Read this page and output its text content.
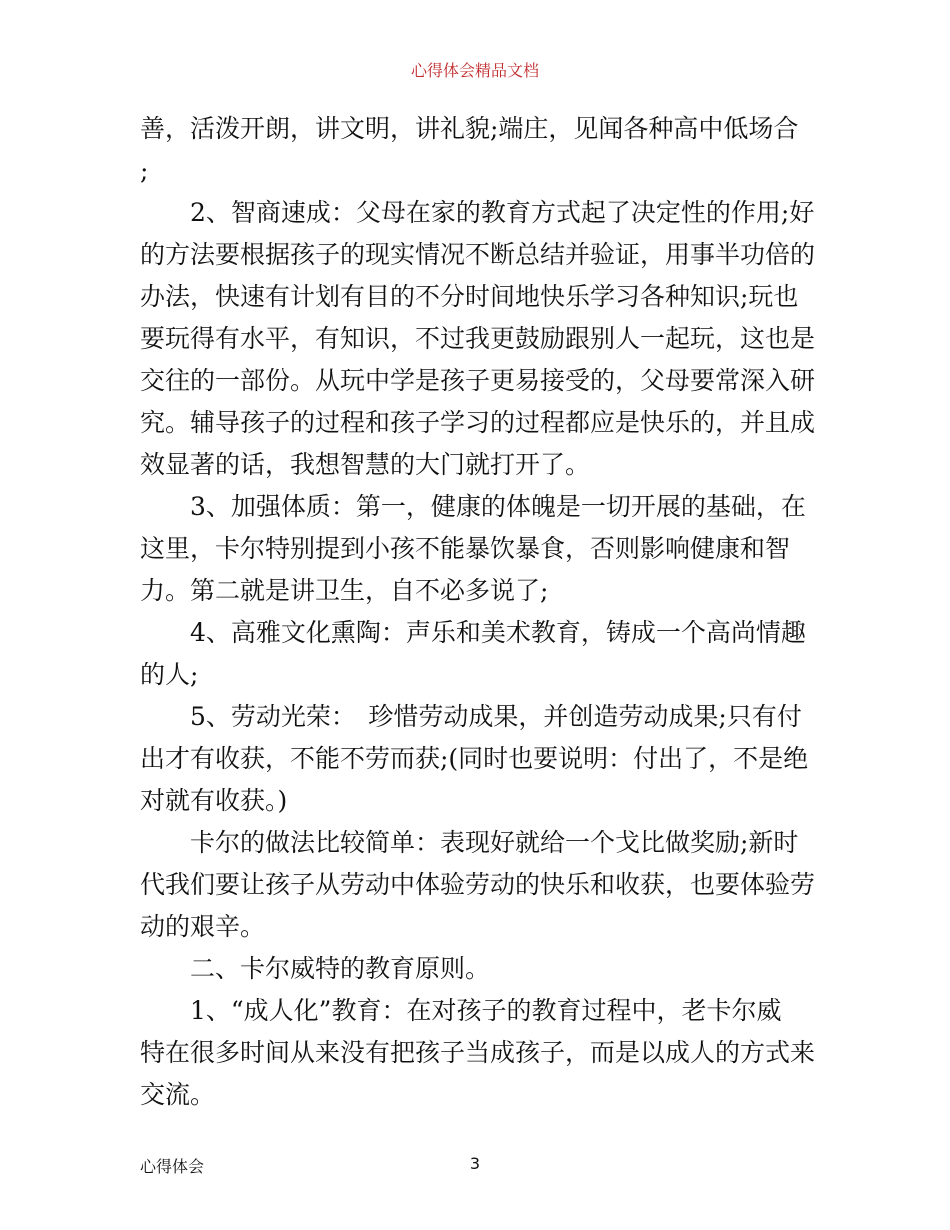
心得体会精品文档

善，活泼开朗，讲文明，讲礼貌;端庄，见闻各种高中低场合

;

　　2、智商速成：父母在家的教育方式起了决定性的作用;好

的方法要根据孩子的现实情况不断总结并验证，用事半功倍的

办法，快速有计划有目的不分时间地快乐学习各种知识;玩也

要玩得有水平，有知识，不过我更鼓励跟别人一起玩，这也是

交往的一部份。从玩中学是孩子更易接受的，父母要常深入研

究。辅导孩子的过程和孩子学习的过程都应是快乐的，并且成

效显著的话，我想智慧的大门就打开了。

　　3、加强体质：第一，健康的体魄是一切开展的基础，在

这里，卡尔特别提到小孩不能暴饮暴食，否则影响健康和智

力。第二就是讲卫生，自不必多说了;

　　4、高雅文化熏陶：声乐和美术教育，铸成一个高尚情趣

的人;

　　5、劳动光荣：　珍惜劳动成果，并创造劳动成果;只有付

出才有收获，不能不劳而获;(同时也要说明：付出了，不是绝

对就有收获。)

　　卡尔的做法比较简单：表现好就给一个戈比做奖励;新时

代我们要让孩子从劳动中体验劳动的快乐和收获，也要体验劳

动的艰辛。

　　二、卡尔威特的教育原则。

　　1、“成人化”教育：在对孩子的教育过程中，老卡尔威

特在很多时间从来没有把孩子当成孩子，而是以成人的方式来

交流。

心得体会	3
